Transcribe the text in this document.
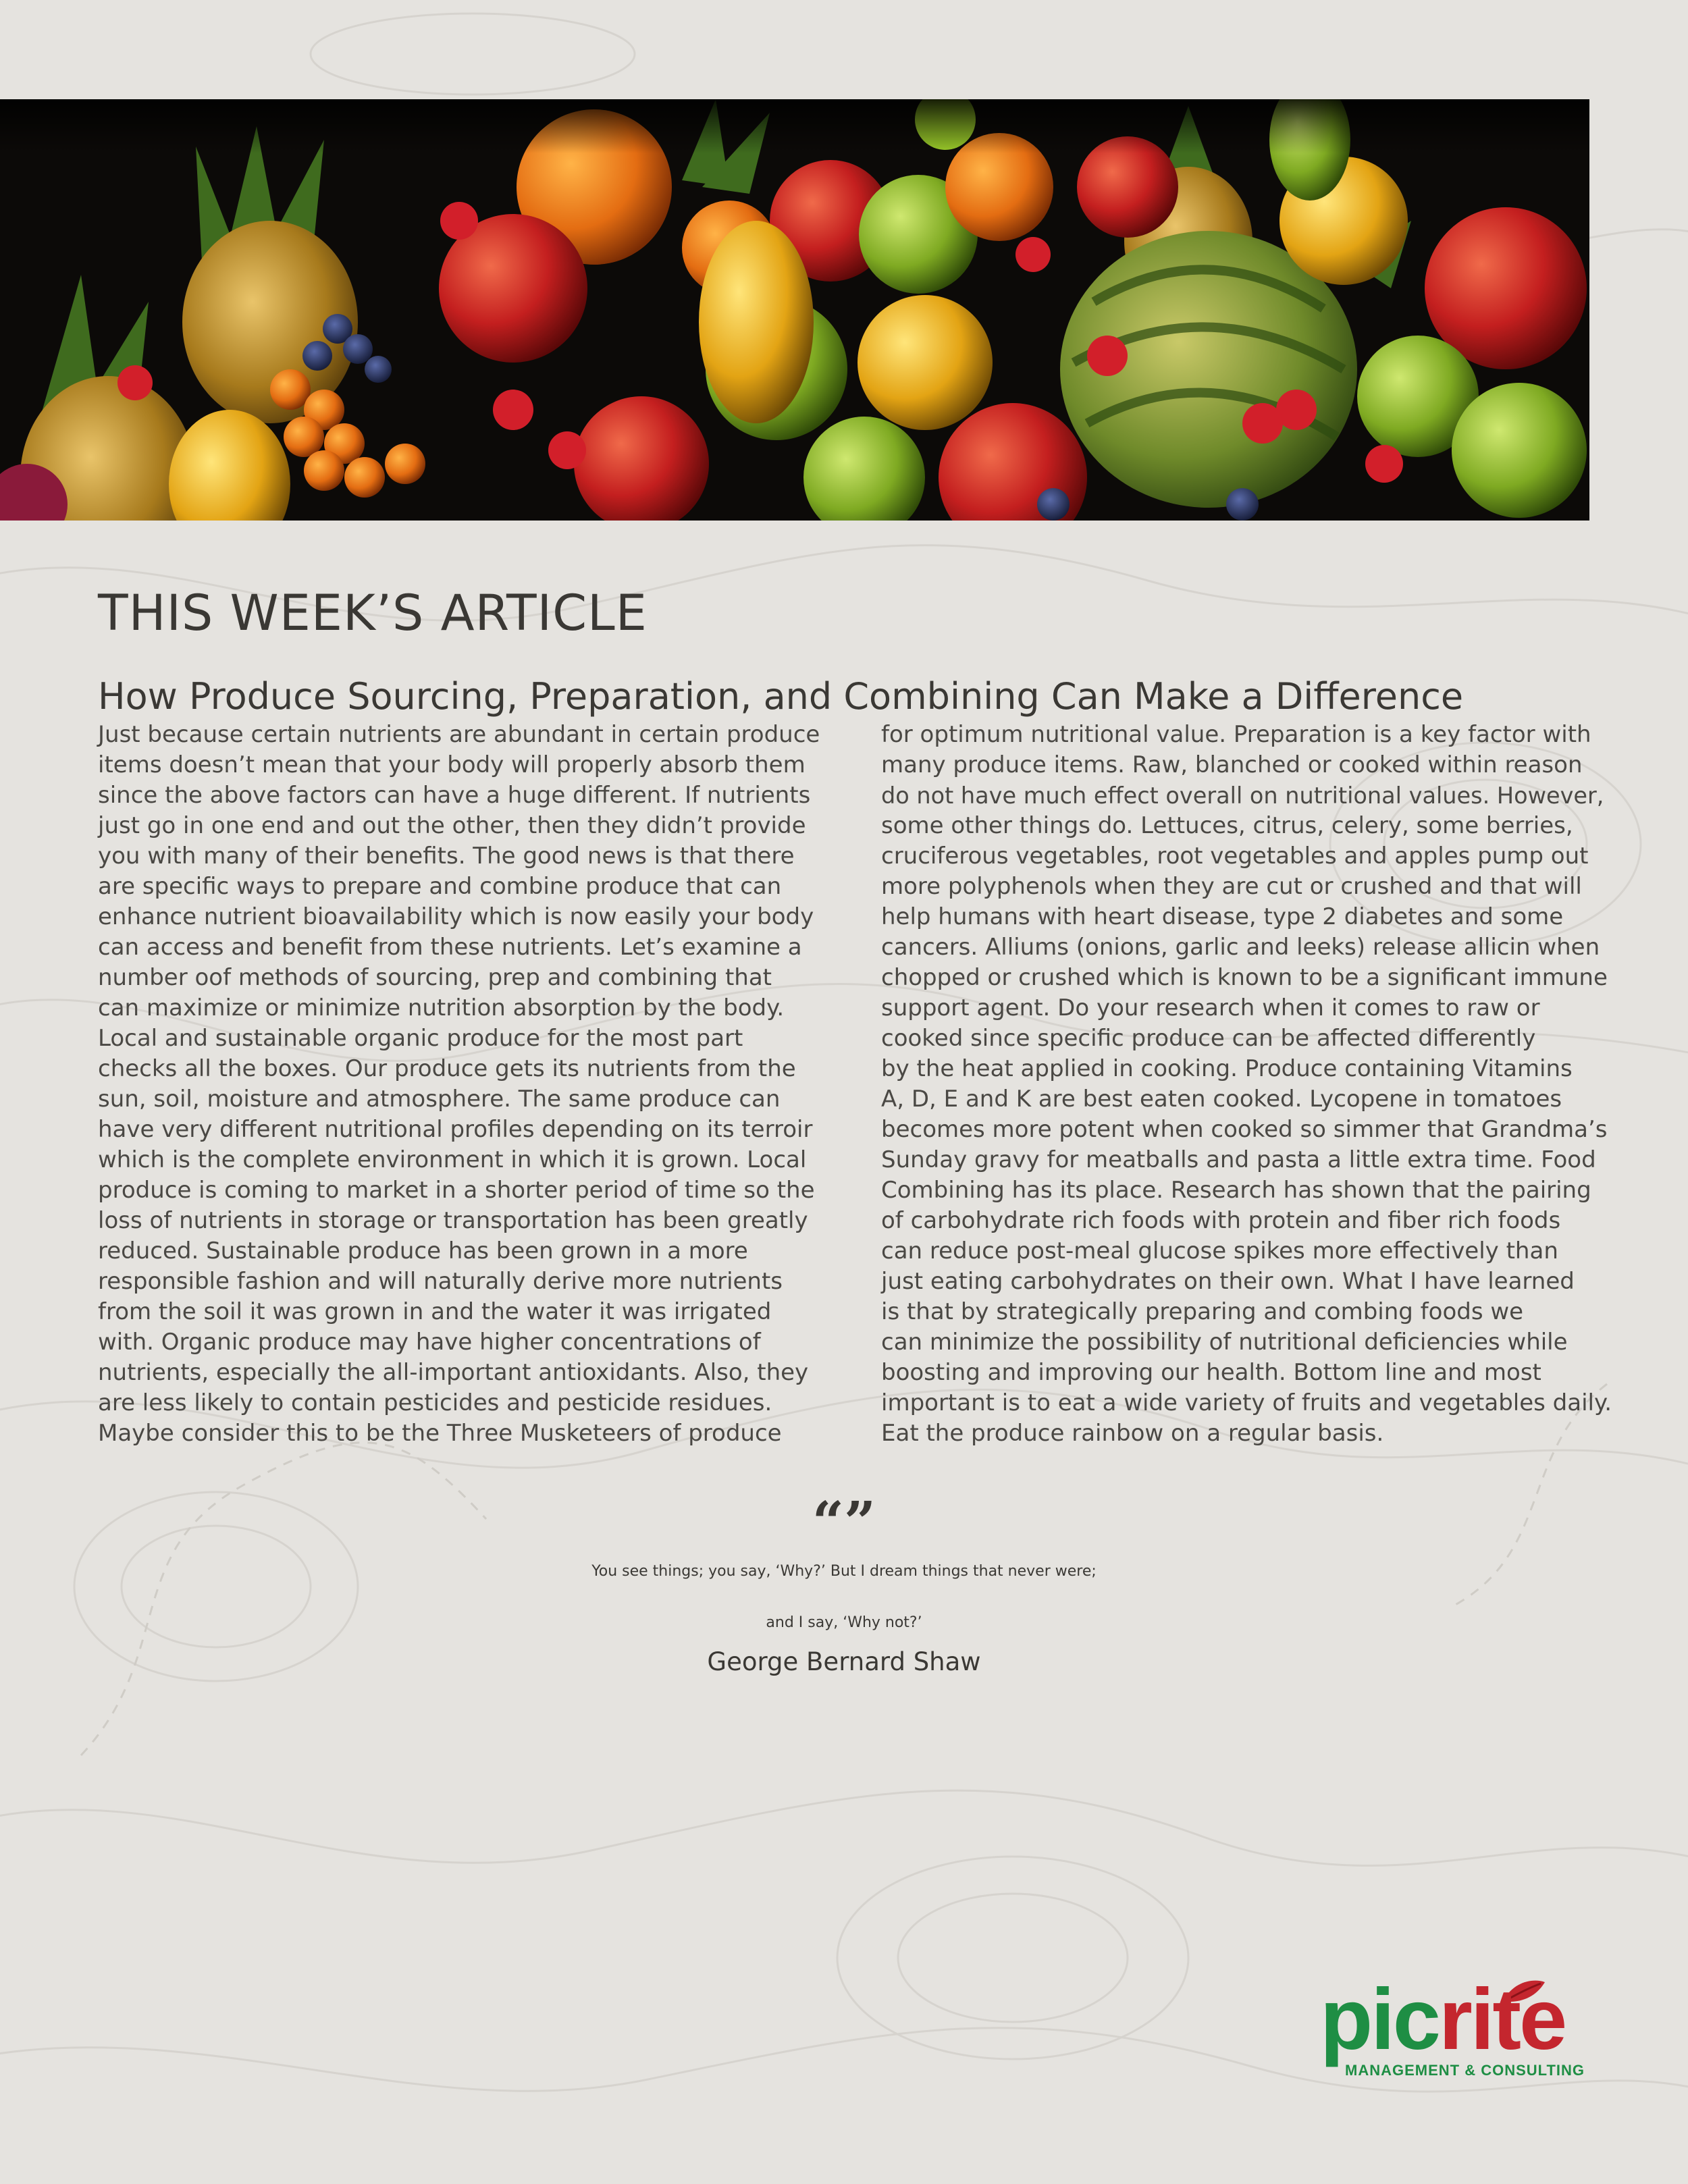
THIS WEEK’S ARTICLE
How Produce Sourcing, Preparation, and Combining Can Make a Difference
Just because certain nutrients are abundant in certain produce
items doesn’t mean that your body will properly absorb them
since the above factors can have a huge different. If nutrients
just go in one end and out the other, then they didn’t provide
you with many of their benefits. The good news is that there
are specific ways to prepare and combine produce that can
enhance nutrient bioavailability which is now easily your body
can access and benefit from these nutrients. Let’s examine a
number oof methods of sourcing, prep and combining that
can maximize or minimize nutrition absorption by the body.
Local and sustainable organic produce for the most part
checks all the boxes. Our produce gets its nutrients from the
sun, soil, moisture and atmosphere. The same produce can
have very different nutritional profiles depending on its terroir
which is the complete environment in which it is grown. Local
produce is coming to market in a shorter period of time so the
loss of nutrients in storage or transportation has been greatly
reduced. Sustainable produce has been grown in a more
responsible fashion and will naturally derive more nutrients
from the soil it was grown in and the water it was irrigated
with. Organic produce may have higher concentrations of
nutrients, especially the all-important antioxidants. Also, they
are less likely to contain pesticides and pesticide residues.
Maybe consider this to be the Three Musketeers of produce
for optimum nutritional value. Preparation is a key factor with
many produce items. Raw, blanched or cooked within reason
do not have much effect overall on nutritional values. However,
some other things do. Lettuces, citrus, celery, some berries,
cruciferous vegetables, root vegetables and apples pump out
more polyphenols when they are cut or crushed and that will
help humans with heart disease, type 2 diabetes and some
cancers. Alliums (onions, garlic and leeks) release allicin when
chopped or crushed which is known to be a significant immune
support agent. Do your research when it comes to raw or
cooked since specific produce can be affected differently
by the heat applied in cooking. Produce containing Vitamins
A, D, E and K are best eaten cooked. Lycopene in tomatoes
becomes more potent when cooked so simmer that Grandma’s
Sunday gravy for meatballs and pasta a little extra time. Food
Combining has its place. Research has shown that the pairing
of carbohydrate rich foods with protein and fiber rich foods
can reduce post-meal glucose spikes more effectively than
just eating carbohydrates on their own. What I have learned
is that by strategically preparing and combing foods we
can minimize the possibility of nutritional deficiencies while
boosting and improving our health. Bottom line and most
important is to eat a wide variety of fruits and vegetables daily.
Eat the produce rainbow on a regular basis.
“”

You see things; you say, ‘Why?’ But I dream things that never were;
and I say, ‘Why not?’

George Bernard Shaw

picrite

MANAGEMENT & CONSULTING
